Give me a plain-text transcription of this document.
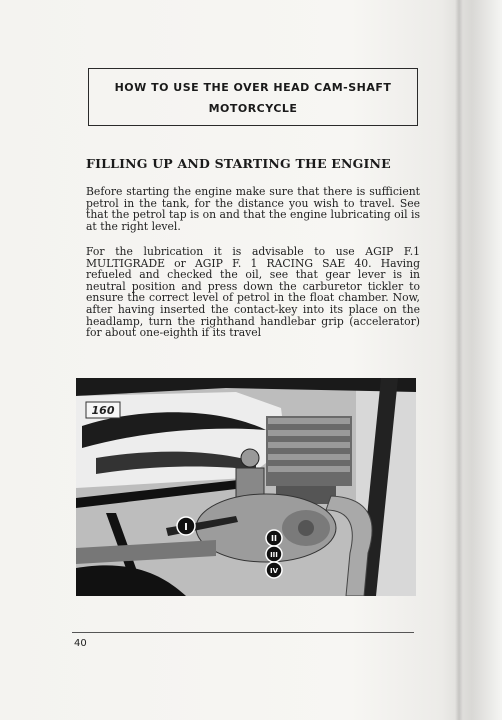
HOW TO USE THE OVER HEAD CAM-SHAFT
MOTORCYCLE
FILLING UP AND STARTING THE ENGINE
Before starting the engine make sure that there is sufficient petrol in the tank, for the distance you wish to travel. See that the petrol tap is on and that the engine lubricating oil is at the right level.
For the lubrication it is advisable to use AGIP F.1 MULTIGRADE or AGIP F. 1 RACING SAE 40. Having refueled and checked the oil, see that gear lever is in neutral position and press down the carburetor tickler to ensure the correct level of petrol in the float chamber. Now, after having inserted the contact-key into its place on the headlamp, turn the righthand handlebar grip (accelerator) for about one-eighth if its travel
160
I
II
III
IV
40
